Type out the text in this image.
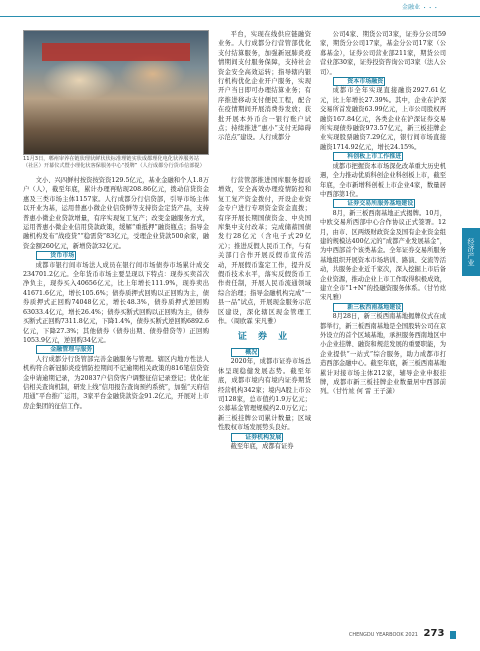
金融业 • • •
11月3日，郫州审养在链状理状鲜状状标准理链实状成都理化电化状养服务站（社区）开幕仪式暨小理化状客保服务中心“授牌”（人行成都分行货币信部提）

文小、兴四鲜村按资按资资129.5亿元，基业金融和个人1.8万户（人），截至年底，累计办理再贴现208.86亿元，拨动信贷资金惠及三类市场主体1157家。人行成都分行信贷部，引导市场主体以开业为基，运用普惠小微企业信贷鲜等支持资金定货产品，支持普惠小微企业贷款增量，有序实现复工复产；改变金融服务方式，运用普惠小微企业信用贷款政策，缓解“重抵押”融资瓶点；指导金融机构发布“战疫贷”“稳需贷”83亿元，受理企业贷款500余家，融资金额260亿元，新增贷款32亿元。

货币市场

成都市银行间市场法人成员在银行间市场债券市场累计成交234701.2亿元。全年货币市场主要呈现以下特点：现券买卖首次净负主，现券买入40656亿元，比上年增长111.9%，现券卖出41671.6亿元，增长105.6%；债券质押式回购以正回购为主，债券质押式正回购74048亿元，增长48.3%，债券质押式逆回购63033.4亿元，增长26.4%；债券买断式回购以正回购为主，债券买断式正回购7311.8亿元，下降1.4%，债券买断式逆回购6892.6亿元，下降27.3%；其他债券（债券出期、债券借贷等）正回购1053.9亿元，逆回购34亿元。

金融管理与服务

人行成都分行货管部完善金融服务与管理。辖区内地方性法人机构符合新冠肺炎疫情防控期间不记逾期相关政策的816笔信贷资金申请逾期记录，为20837户信贷客户调整征信记录登记；优化征信相关查询机制，研发上线“信用报告查询预约系统”，加强“天府信用通”平台推广运用，3家平台金融贷款资金91.2亿元，开展对上市房企集团的征信工作。

平台，实现在线供应链融资业务。人行成都分行营管部优化支付结算服务，加强新冠肺炎疫情期间支付服务保障，支持社会资金安全高效运转；指导辖内银行机构优化企业开户服务，实现开户当日即可办理结算业务；有序推进移动支付便民工程，配合在疫情期间开展消费券发放；获批开展本外币合一银行账户试点；持续推进“惠小”支付无障碍示范点”建设。人行成都分

行营管部推进国库服务提质增效，安全高效办理疫情防控和复工复产资金拨付，开设企业资金专户进行专项资金资金直拨；有序开展长期国债资金、中央国库集中支付改革；完成储蓄国债发行28亿元（含电子式29亿元）；推进反假人民币工作，与有关部门合作开展反假币宣传活动，开展假币鉴定工作，提升反假币技术水平，落实反假货币工作责任制，开展人民币流通领域综合治理；指导金融机构完成“一县一品”试点，开展现金服务示范区建设，深化辖区现金管理工作。（周欧霖 宋凡雅）

证 券 业

概况

2020年，成都市证券市场总体呈现稳健发展态势。截至年底，成都市境内有境内证券期货经营机构342家；境内A股上市公司128家，总市值约1.9万亿元；公募基金管理规模约2.0万亿元；新三板挂牌公司累计数量；区域性股权市场发展势头良好。

证券机构发展

截至年底，成都有证券

公司4家、期货公司3家，证券分公司59家，期货分公司17家，基金分公司17家（公募基金），证券公司营业部211家，期货公司营业部30家，证券投资咨询公司3家（法人公司）。

资本市场融资

成都市全年实现直接融资2927.61亿元，比上年增长27.39%。其中，企业在沪深交易所首发融资63.99亿元，上市公司股权再融资167.84亿元，各类企业在沪深证券交易所实现债券融资973.57亿元，新三板挂牌企业实现股票融资7.29亿元，银行间市场直接融资1714.92亿元，增长24.15%。

科创板上市工作推进

成都市把握资本市场深化改革重大历史机遇，全力推动优质科创企业科创板上市，截至年底，全市新增科创板上市企业4家，数量居中西部第1位。

证券交易所服务基地建设

8月，新三板西南基地正式揭牌。10月，中欧交易所西部中心合作协议正式签署。12月，由市、区两级财政资金及国有企业资金组建的规模达400亿元的“成都产业发展基金”，为中西部首个该类基金。全年证券交易所服务基地组织开展资本市场培训、路演、交流等活动，共服务企业近千家次，深入挖掘上市后备企业资源，推动企业上市工作取得积极成效，建立全市“1+N”的投融资服务体系。（甘竹竑 宋凡雅）

新三板西南基地建设

8月28日，新三板西南基地揭牌仪式在成都举行，新三板西南基地是全国股转公司在京外设立的首个区域基地，承担服务西南地区中小企业挂牌、融资和规范发展的重要职能，为企业提供“一站式”综合服务，助力成都市打造西部金融中心。截至年底，新三板西南基地累计对接市场主体212家，辅导企业申报挂牌，成都市新三板挂牌企业数量居中西部前列。（甘竹竑 何 雷 王子潇）

经济产业
CHENGDU YEARBOOK 2021 273
